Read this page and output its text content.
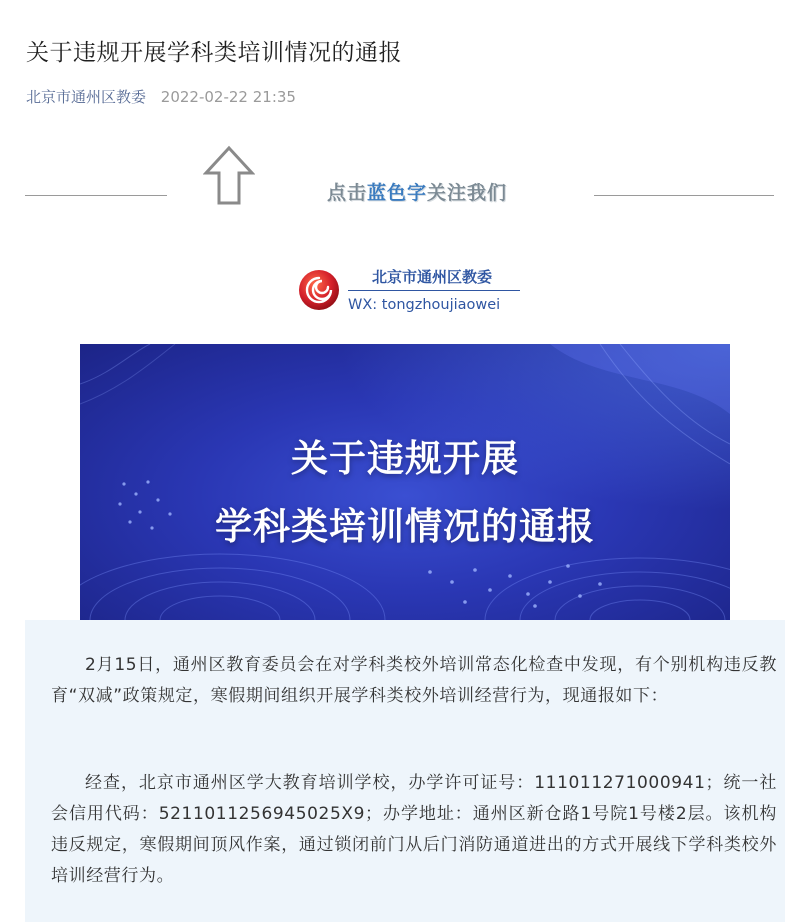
关于违规开展学科类培训情况的通报
北京市通州区教委 2022-02-22 21:35
点击蓝色字关注我们
北京市通州区教委
WX: tongzhoujiaowei
关于违规开展
学科类培训情况的通报

2月15日，通州区教育委员会在对学科类校外培训常态化检查中发现，有个别机构违反教育“双减”政策规定，寒假期间组织开展学科类校外培训经营行为，现通报如下：

经查，北京市通州区学大教育培训学校，办学许可证号：111011271000941；统一社会信用代码：5211011256945025X9；办学地址：通州区新仓路1号院1号楼2层。该机构违反规定，寒假期间顶风作案，通过锁闭前门从后门消防通道进出的方式开展线下学科类校外培训经营行为。
